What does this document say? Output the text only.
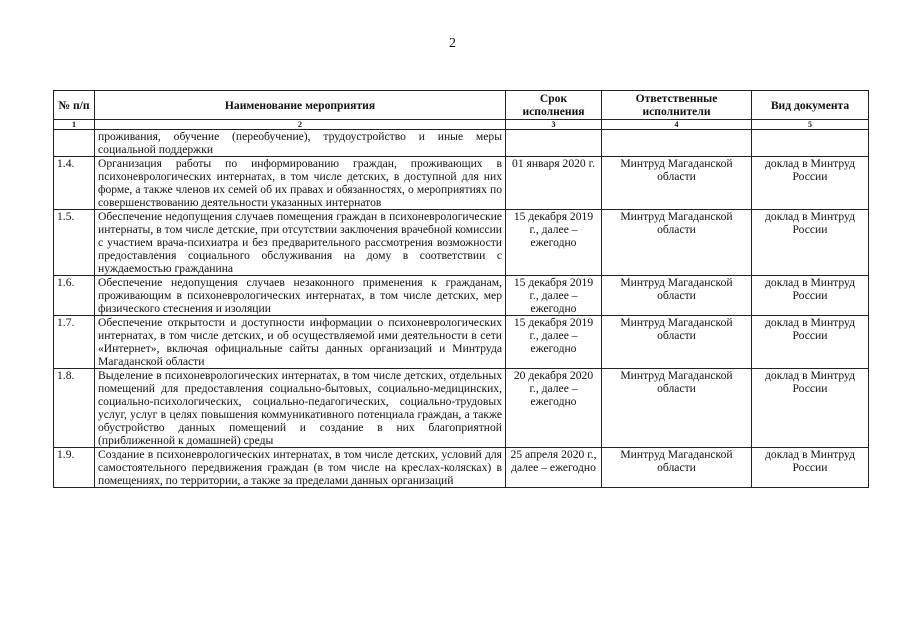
2
№ п/п	Наименование мероприятия	Срок исполнения	Ответственные исполнители	Вид документа
1	2	3	4	5
	проживания, обучение (переобучение), трудоустройство и иные меры социальной поддержки			
1.4.	Организация работы по информированию граждан, проживающих в психоневрологических интернатах, в том числе детских, в доступной для них форме, а также членов их семей об их правах и обязанностях, о мероприятиях по совершенствованию деятельности указанных интернатов	01 января 2020 г.	Минтруд Магаданской области	доклад в Минтруд России
1.5.	Обеспечение недопущения случаев помещения граждан в психоневрологические интернаты, в том числе детские, при отсутствии заключения врачебной комиссии с участием врача-психиатра и без предварительного рассмотрения возможности предоставления социального обслуживания на дому в соответствии с нуждаемостью гражданина	15 декабря 2019 г., далее – ежегодно	Минтруд Магаданской области	доклад в Минтруд России
1.6.	Обеспечение недопущения случаев незаконного применения к гражданам, проживающим в психоневрологических интернатах, в том числе детских, мер физического стеснения и изоляции	15 декабря 2019 г., далее – ежегодно	Минтруд Магаданской области	доклад в Минтруд России
1.7.	Обеспечение открытости и доступности информации о психоневрологических интернатах, в том числе детских, и об осуществляемой ими деятельности в сети «Интернет», включая официальные сайты данных организаций и Минтруда Магаданской области	15 декабря 2019 г., далее – ежегодно	Минтруд Магаданской области	доклад в Минтруд России
1.8.	Выделение в психоневрологических интернатах, в том числе детских, отдельных помещений для предоставления социально-бытовых, социально-медицинских, социально-психологических, социально-педагогических, социально-трудовых услуг, услуг в целях повышения коммуникативного потенциала граждан, а также обустройство данных помещений и создание в них благоприятной (приближенной к домашней) среды	20 декабря 2020 г., далее – ежегодно	Минтруд Магаданской области	доклад в Минтруд России
1.9.	Создание в психоневрологических интернатах, в том числе детских, условий для самостоятельного передвижения граждан (в том числе на креслах-колясках) в помещениях, по территории, а также за пределами данных организаций	25 апреля 2020 г., далее – ежегодно	Минтруд Магаданской области	доклад в Минтруд России
